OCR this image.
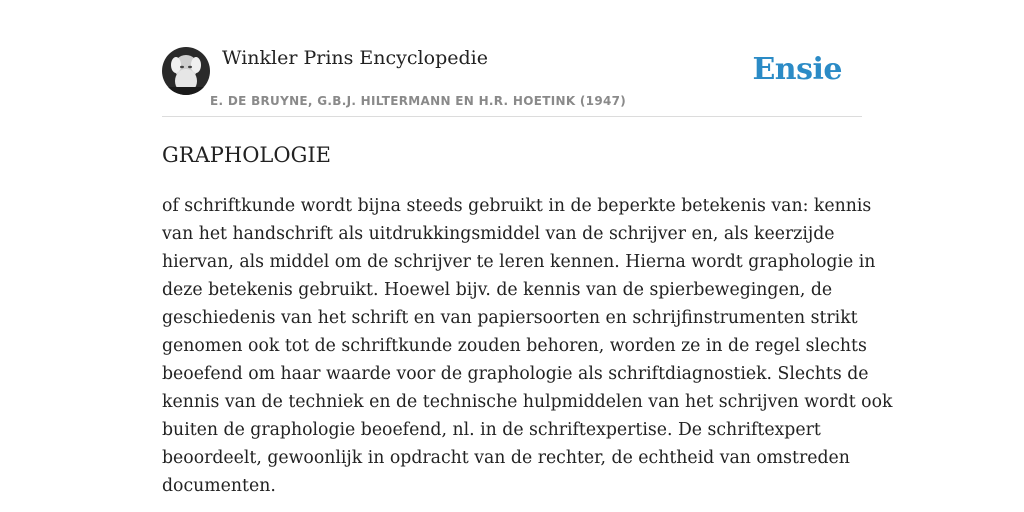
Winkler Prins Encyclopedie
E. DE BRUYNE, G.B.J. HILTERMANN EN H.R. HOETINK (1947)
Ensie
GRAPHOLOGIE

of schriftkunde wordt bijna steeds gebruikt in de beperkte betekenis van: kennis
van het handschrift als uitdrukkingsmiddel van de schrijver en, als keerzijde
hiervan, als middel om de schrijver te leren kennen. Hierna wordt graphologie in
deze betekenis gebruikt. Hoewel bijv. de kennis van de spierbewegingen, de
geschiedenis van het schrift en van papiersoorten en schrijfinstrumenten strikt
genomen ook tot de schriftkunde zouden behoren, worden ze in de regel slechts
beoefend om haar waarde voor de graphologie als schriftdiagnostiek. Slechts de
kennis van de techniek en de technische hulpmiddelen van het schrijven wordt ook
buiten de graphologie beoefend, nl. in de schriftexpertise. De schriftexpert
beoordeelt, gewoonlijk in opdracht van de rechter, de echtheid van omstreden
documenten.
